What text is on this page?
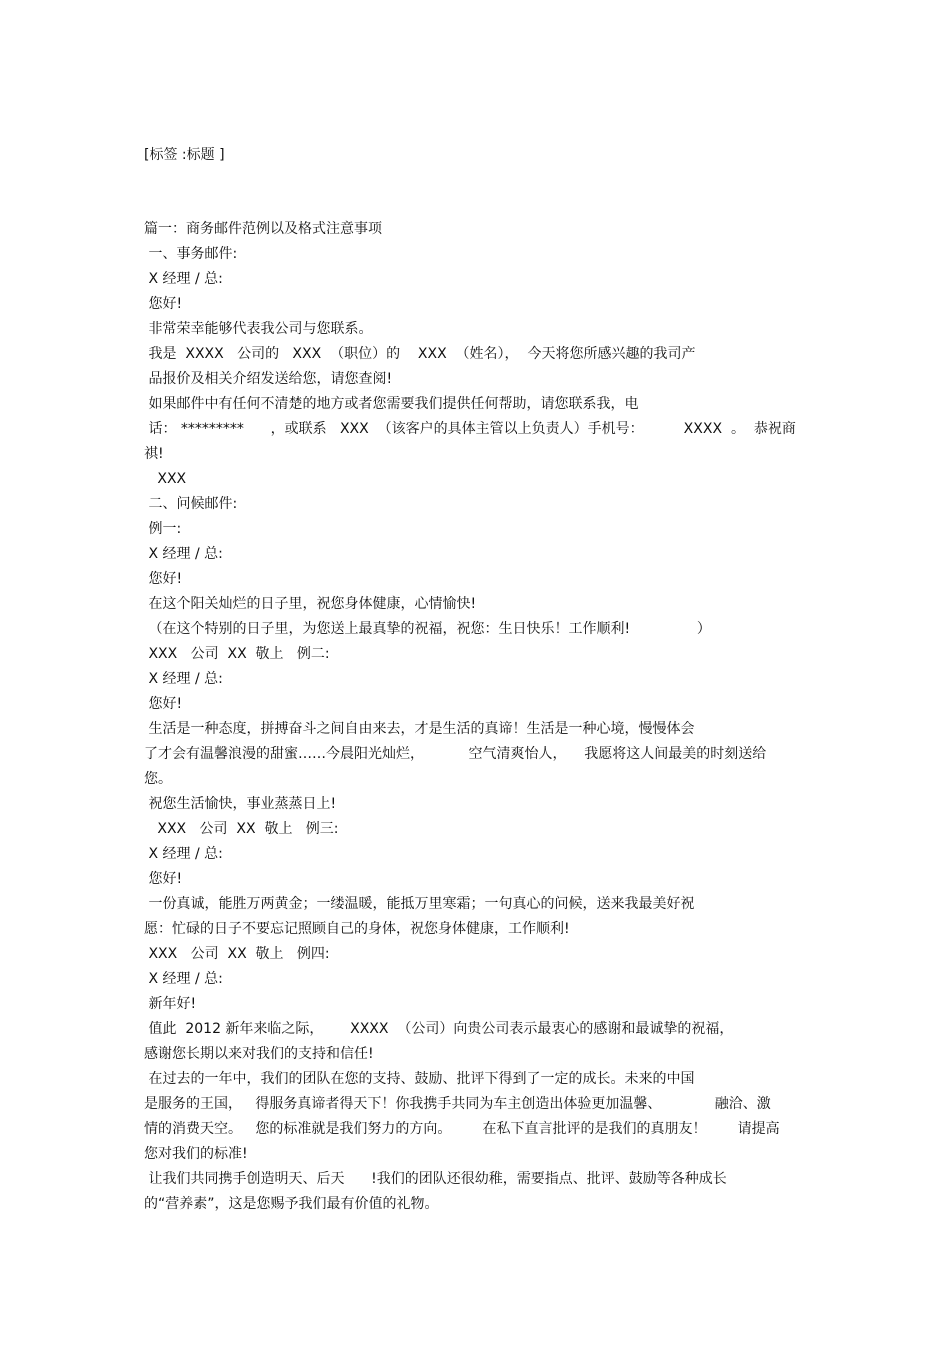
[标签 :标题 ]

篇一：商务邮件范例以及格式注意事项

一、事务邮件:

X 经理 / 总:

您好!

非常荣幸能够代表我公司与您联系。

我是  XXXX   公司的   XXX  （职位）的    XXX  （姓名），  今天将您所感兴趣的我司产

品报价及相关介绍发送给您，请您查阅!

如果邮件中有任何不清楚的地方或者您需要我们提供任何帮助，请您联系我，电

话： *********      ，或联系   XXX  （该客户的具体主管以上负责人）手机号：         XXXX  。  恭祝商

祺!

XXX

二、问候邮件:

例一:

X 经理 / 总:

您好!

在这个阳关灿烂的日子里，祝您身体健康，心情愉快!

（在这个特别的日子里，为您送上最真挚的祝福，祝您：生日快乐！工作顺利!               ）

XXX   公司  XX  敬上   例二:

X 经理 / 总:

您好!

生活是一种态度，拼搏奋斗之间自由来去，才是生活的真谛！生活是一种心境，慢慢体会

了才会有温馨浪漫的甜蜜……今晨阳光灿烂，          空气清爽怡人，    我愿将这人间最美的时刻送给

您。

祝您生活愉快，事业蒸蒸日上!

XXX   公司  XX  敬上   例三:

X 经理 / 总:

您好!

一份真诚，能胜万两黄金；一缕温暖，能抵万里寒霜；一句真心的问候，送来我最美好祝

愿：忙碌的日子不要忘记照顾自己的身体，祝您身体健康，工作顺利!

XXX   公司  XX  敬上   例四:

X 经理 / 总:

新年好!

值此  2012 新年来临之际，      XXXX  （公司）向贵公司表示最衷心的感谢和最诚挚的祝福，

感谢您长期以来对我们的支持和信任!

在过去的一年中，我们的团队在您的支持、鼓励、批评下得到了一定的成长。未来的中国

是服务的王国，   得服务真谛者得天下！你我携手共同为车主创造出体验更加温馨、            融洽、激

情的消费天空。   您的标准就是我们努力的方向。       在私下直言批评的是我们的真朋友！       请提高

您对我们的标准!

让我们共同携手创造明天、后天      !我们的团队还很幼稚，需要指点、批评、鼓励等各种成长

的“营养素”，这是您赐予我们最有价值的礼物。
